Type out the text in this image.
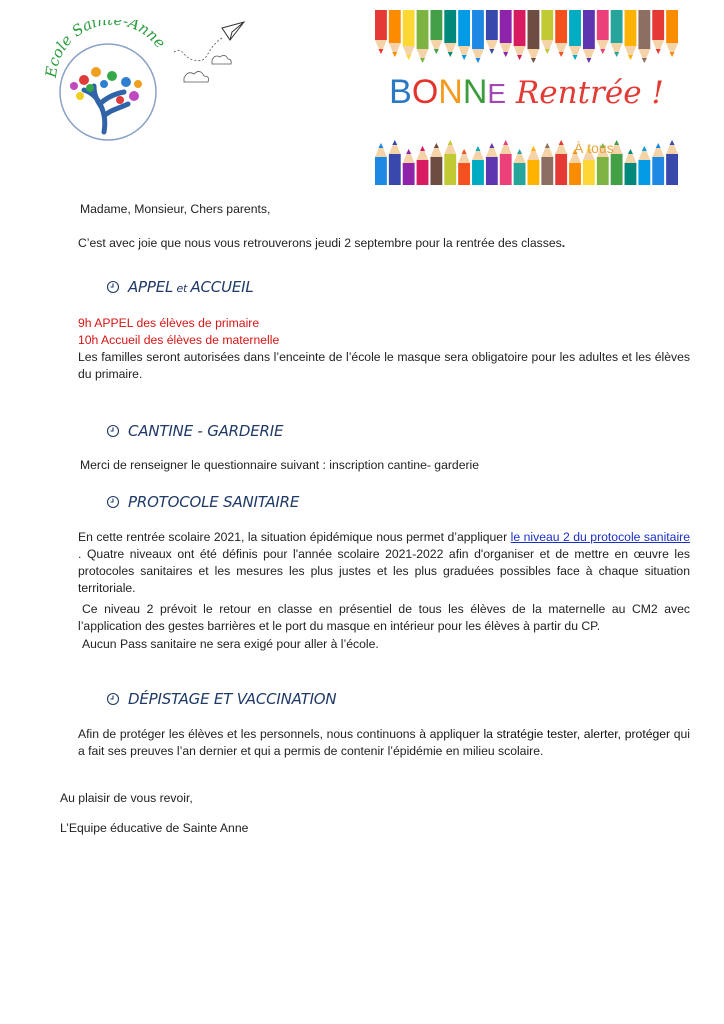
Ecole Sain -Anne
BONNE Rentrée !
À tous

Madame, Monsieur, Chers parents,

C’est avec joie que nous vous retrouverons jeudi 2 septembre pour la rentrée des classes.

APPEL et ACCUEIL

9h APPEL des élèves de primaire

10h Accueil des élèves de maternelle

Les familles seront autorisées dans l’enceinte de l’école le masque sera obligatoire pour les adultes et les élèves du primaire.

CANTINE - GARDERIE

Merci de renseigner le questionnaire suivant : inscription cantine- garderie

PROTOCOLE SANITAIRE

En cette rentrée scolaire 2021, la situation épidémique nous permet d’appliquer le niveau 2 du protocole sanitaire . Quatre niveaux ont été définis pour l'année scolaire 2021-2022 afin d'organiser et de mettre en œuvre les protocoles sanitaires et les mesures les plus justes et les plus graduées possibles face à chaque situation territoriale.

Ce niveau 2 prévoit le retour en classe en présentiel de tous les élèves de la maternelle au CM2 avec l’application des gestes barrières et le port du masque en intérieur pour les élèves à partir du CP.

Aucun Pass sanitaire ne sera exigé pour aller à l’école.

DÉPISTAGE ET VACCINATION

Afin de protéger les élèves et les personnels, nous continuons à appliquer la stratégie tester, alerter, protéger qui a fait ses preuves l’an dernier et qui a permis de contenir l’épidémie en milieu scolaire.

Au plaisir de vous revoir,

L’Equipe éducative de Sainte Anne
